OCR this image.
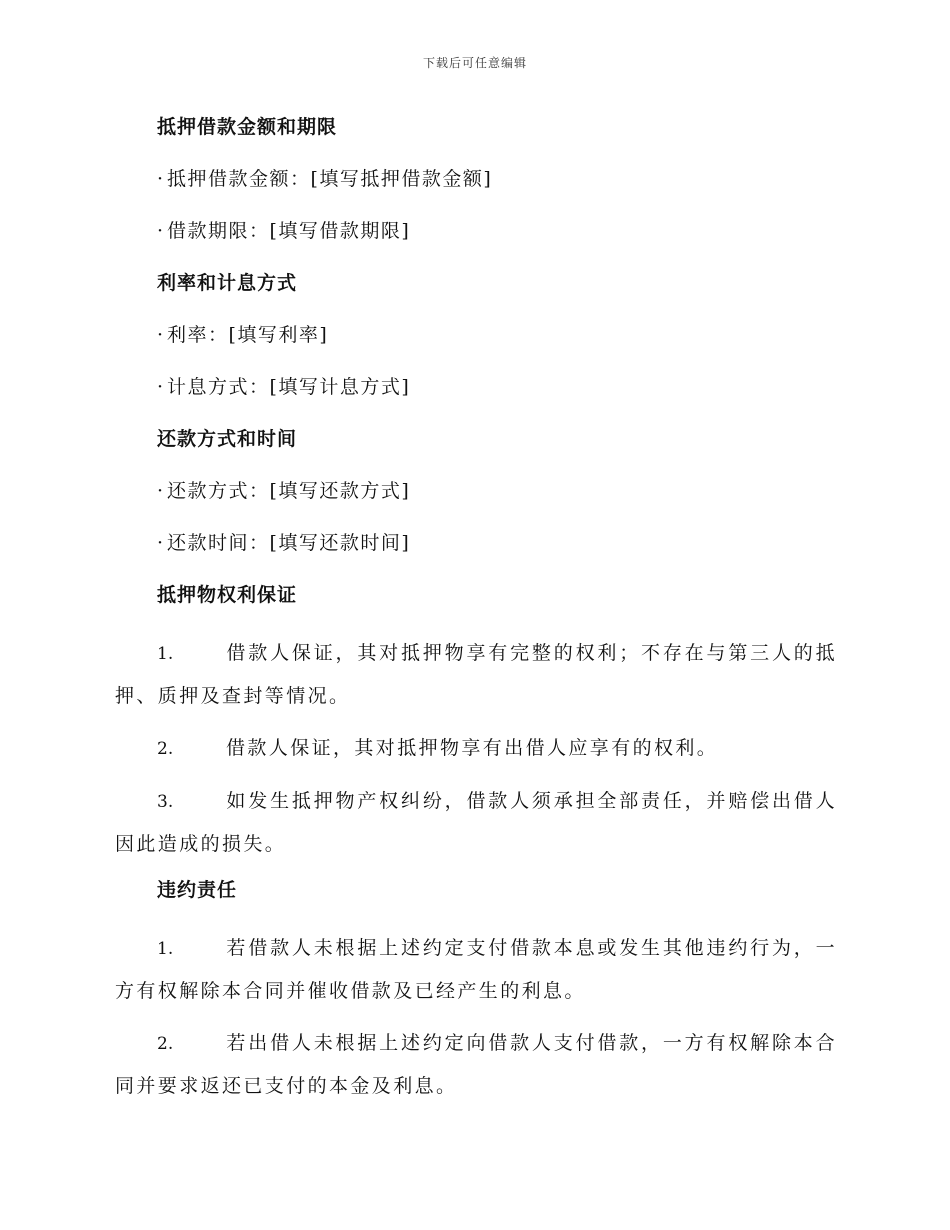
下载后可任意编辑
抵押借款金额和期限
· 抵押借款金额：[填写抵押借款金额]
· 借款期限：[填写借款期限]
利率和计息方式
· 利率：[填写利率]
· 计息方式：[填写计息方式]
还款方式和时间
· 还款方式：[填写还款方式]
· 还款时间：[填写还款时间]
抵押物权利保证
1.	借款人保证，其对抵押物享有完整的权利；不存在与第三人的抵押、质押及查封等情况。
2.	借款人保证，其对抵押物享有出借人应享有的权利。
3.	如发生抵押物产权纠纷，借款人须承担全部责任，并赔偿出借人因此造成的损失。
违约责任
1.	若借款人未根据上述约定支付借款本息或发生其他违约行为，一方有权解除本合同并催收借款及已经产生的利息。
2.	若出借人未根据上述约定向借款人支付借款，一方有权解除本合同并要求返还已支付的本金及利息。
